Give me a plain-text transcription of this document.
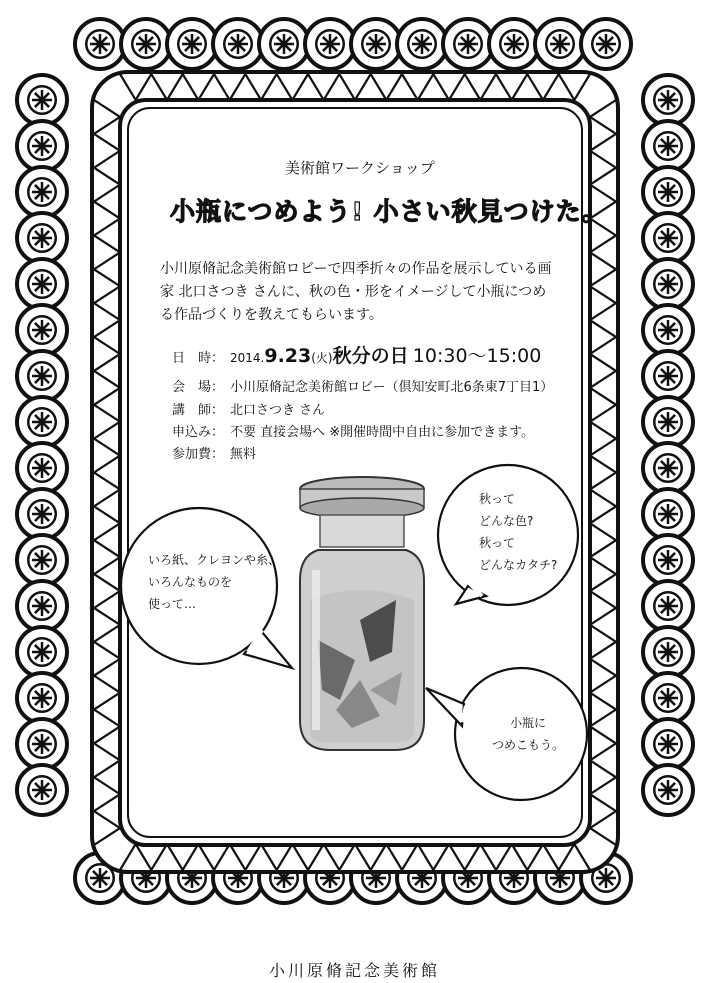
美術館ワークショップ
小瓶につめよう! 小さい秋見つけた。
小川原脩記念美術館ロビーで四季折々の作品を展示している画家 北口さつき さんに、秋の色・形をイメージして小瓶につめる作品づくりを教えてもらいます。
日　時： 2014.9.23(火)秋分の日 10:30〜15:00
会　場： 小川原脩記念美術館ロビー（倶知安町北6条東7丁目1）
講　師： 北口さつき さん
申込み： 不要 直接会場へ ※開催時間中自由に参加できます。
参加費： 無料
いろ紙、クレヨンや糸、
いろんなものを
使って…
秋って
どんな色?
秋って
どんなカタチ?
小瓶に
つめこもう。
小川原脩記念美術館
